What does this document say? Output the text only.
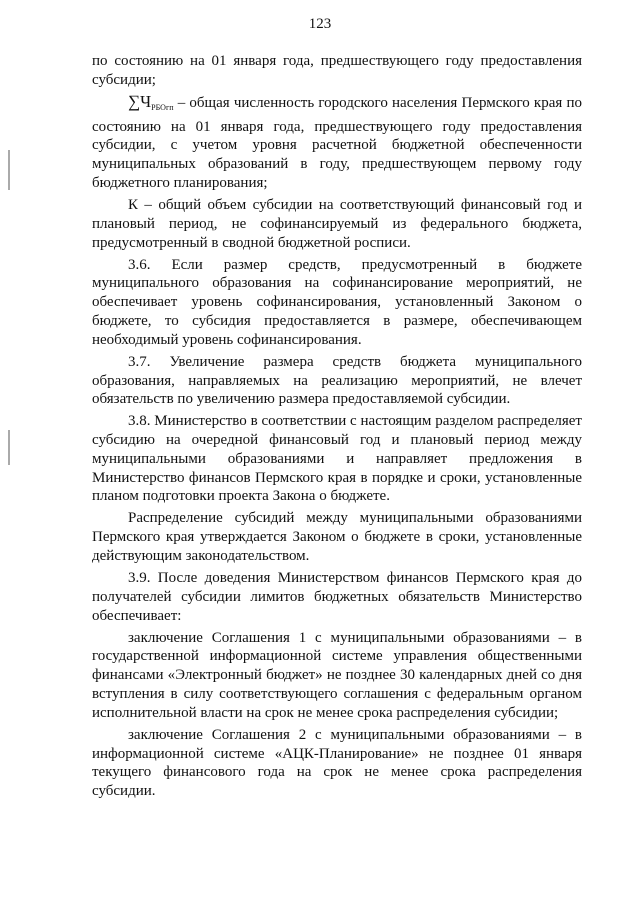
123

по состоянию на 01 января года, предшествующего году предоставления субсидии;

$\sum Ч_{РБОгп}$ – общая численность городского населения Пермского края по состоянию на 01 января года, предшествующего году предоставления субсидии, с учетом уровня расчетной бюджетной обеспеченности муниципальных образований в году, предшествующем первому году бюджетного планирования;

К – общий объем субсидии на соответствующий финансовый год и плановый период, не софинансируемый из федерального бюджета, предусмотренный в сводной бюджетной росписи.

3.6. Если размер средств, предусмотренный в бюджете муниципального образования на софинансирование мероприятий, не обеспечивает уровень софинансирования, установленный Законом о бюджете, то субсидия предоставляется в размере, обеспечивающем необходимый уровень софинансирования.

3.7. Увеличение размера средств бюджета муниципального образования, направляемых на реализацию мероприятий, не влечет обязательств по увеличению размера предоставляемой субсидии.

3.8. Министерство в соответствии с настоящим разделом распределяет субсидию на очередной финансовый год и плановый период между муниципальными образованиями и направляет предложения в Министерство финансов Пермского края в порядке и сроки, установленные планом подготовки проекта Закона о бюджете.

Распределение субсидий между муниципальными образованиями Пермского края утверждается Законом о бюджете в сроки, установленные действующим законодательством.

3.9. После доведения Министерством финансов Пермского края до получателей субсидии лимитов бюджетных обязательств Министерство обеспечивает:

заключение Соглашения 1 с муниципальными образованиями – в государственной информационной системе управления общественными финансами «Электронный бюджет» не позднее 30 календарных дней со дня вступления в силу соответствующего соглашения с федеральным органом исполнительной власти на срок не менее срока распределения субсидии;

заключение Соглашения 2 с муниципальными образованиями – в информационной системе «АЦК-Планирование» не позднее 01 января текущего финансового года на срок не менее срока распределения субсидии.
